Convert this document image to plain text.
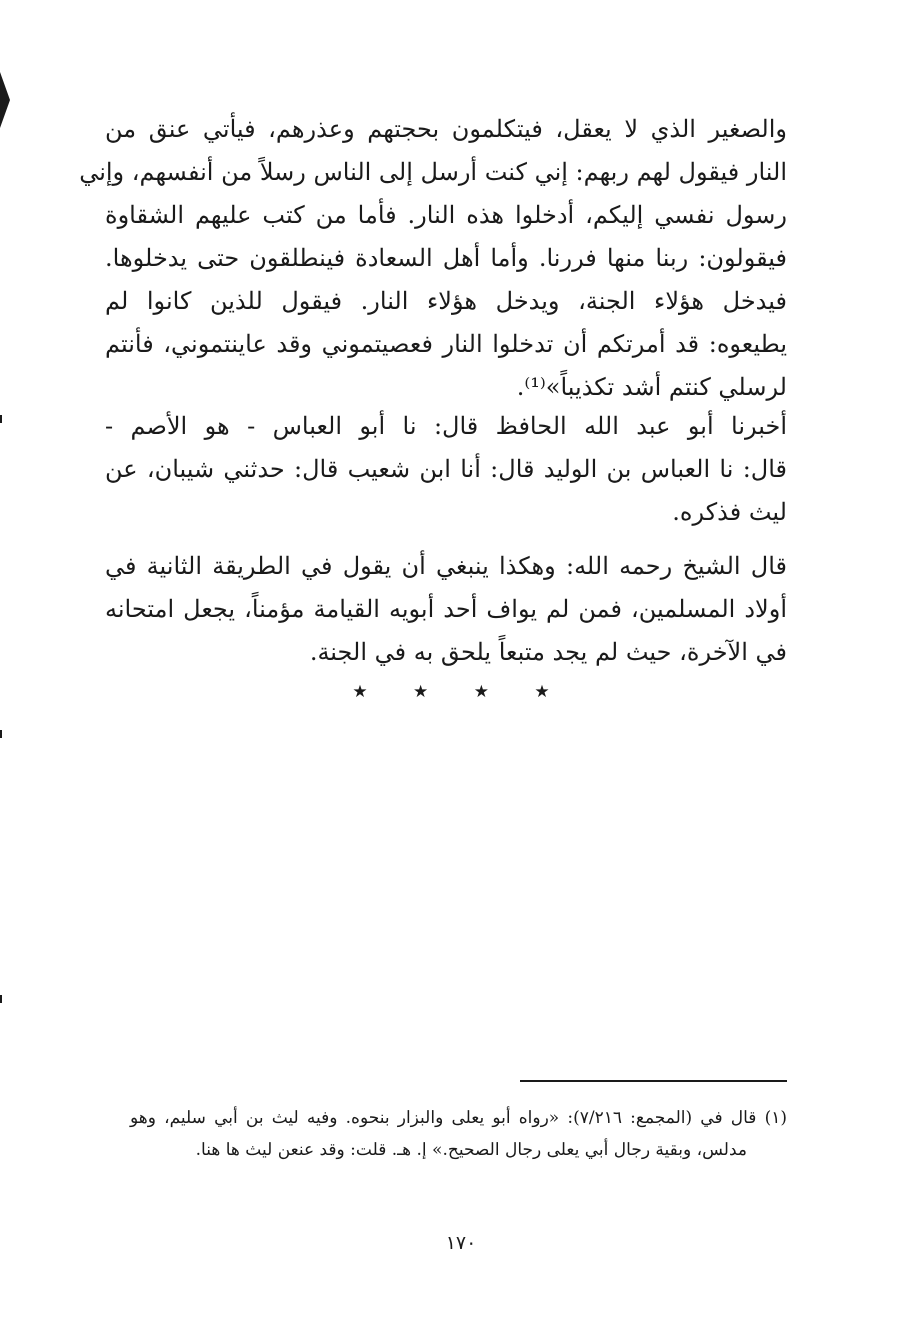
والصغير الذي لا يعقل، فيتكلمون بحجتهم وعذرهم، فيأتي عنق من
النار فيقول لهم ربهم: إني كنت أرسل إلى الناس رسلاً من أنفسهم، وإني
رسول نفسي إليكم، أدخلوا هذه النار. فأما من كتب عليهم الشقاوة
فيقولون: ربنا منها فررنا. وأما أهل السعادة فينطلقون حتى يدخلوها.
فيدخل هؤلاء الجنة، ويدخل هؤلاء النار. فيقول للذين كانوا لم
يطيعوه: قد أمرتكم أن تدخلوا النار فعصيتموني وقد عاينتموني، فأنتم
لرسلي كنتم أشد تكذيباً»⁽¹⁾.
أخبرنا أبو عبد الله الحافظ قال: نا أبو العباس - هو الأصم -
قال: نا العباس بن الوليد قال: أنا ابن شعيب قال: حدثني شيبان، عن
ليث فذكره.
قال الشيخ رحمه الله: وهكذا ينبغي أن يقول في الطريقة الثانية في
أولاد المسلمين، فمن لم يواف أحد أبويه القيامة مؤمناً، يجعل امتحانه
في الآخرة، حيث لم يجد متبعاً يلحق به في الجنة.
★ ★ ★ ★
(١) قال في (المجمع: ٧/٢١٦): «رواه أبو يعلى والبزار بنحوه. وفيه ليث بن أبي سليم، وهو
مدلس، وبقية رجال أبي يعلى رجال الصحيح.» إ. هـ. قلت: وقد عنعن ليث ها هنا.
١٧٠
